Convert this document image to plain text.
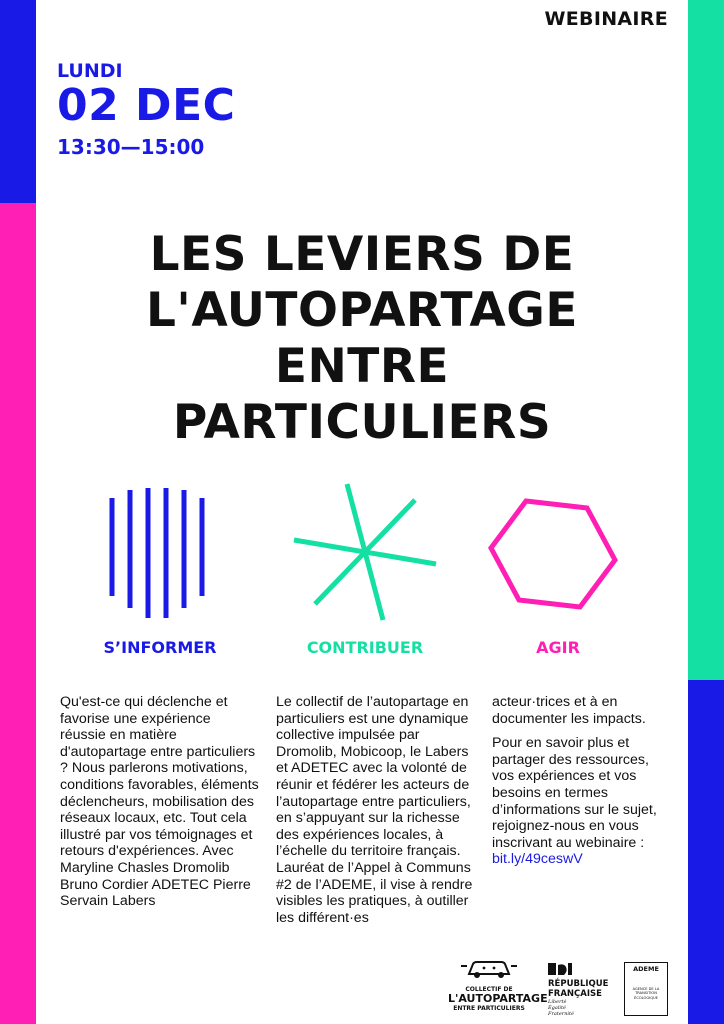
WEBINAIRE
LUNDI
02 DEC
13:30—15:00
LES LEVIERS DE
L'AUTOPARTAGE
ENTRE
PARTICULIERS
S’INFORMER	CONTRIBUER	AGIR

Qu'est-ce qui déclenche et favorise une expérience réussie en matière d'autopartage entre particuliers ? Nous parlerons motivations, conditions favorables, éléments déclencheurs, mobilisation des réseaux locaux, etc. Tout cela illustré par vos témoignages et retours d'expériences. Avec Maryline Chasles Dromolib Bruno Cordier ADETEC Pierre Servain Labers

Le collectif de l’autopartage en particuliers est une dynamique collective impulsée par Dromolib, Mobicoop, le Labers et ADETEC avec la volonté de réunir et fédérer les acteurs de l’autopartage entre particuliers, en s’appuyant sur la richesse des expériences locales, à l’échelle du territoire français. Lauréat de l’Appel à Communs #2 de l’ADEME, il vise à rendre visibles les pratiques, à outiller les différent·es

acteur·trices et à en documenter les impacts.

Pour en savoir plus et partager des ressources, vos expériences et vos besoins en termes d’informations sur le sujet, rejoignez-nous en vous inscrivant au webinaire : bit.ly/49ceswV

COLLECTIF DE
L'AUTOPARTAGE
ENTRE PARTICULIERS
RÉPUBLIQUE
FRANÇAISE
Liberté
Égalité
Fraternité
ADEME
AGENCE DE LA
TRANSITION
ÉCOLOGIQUE
